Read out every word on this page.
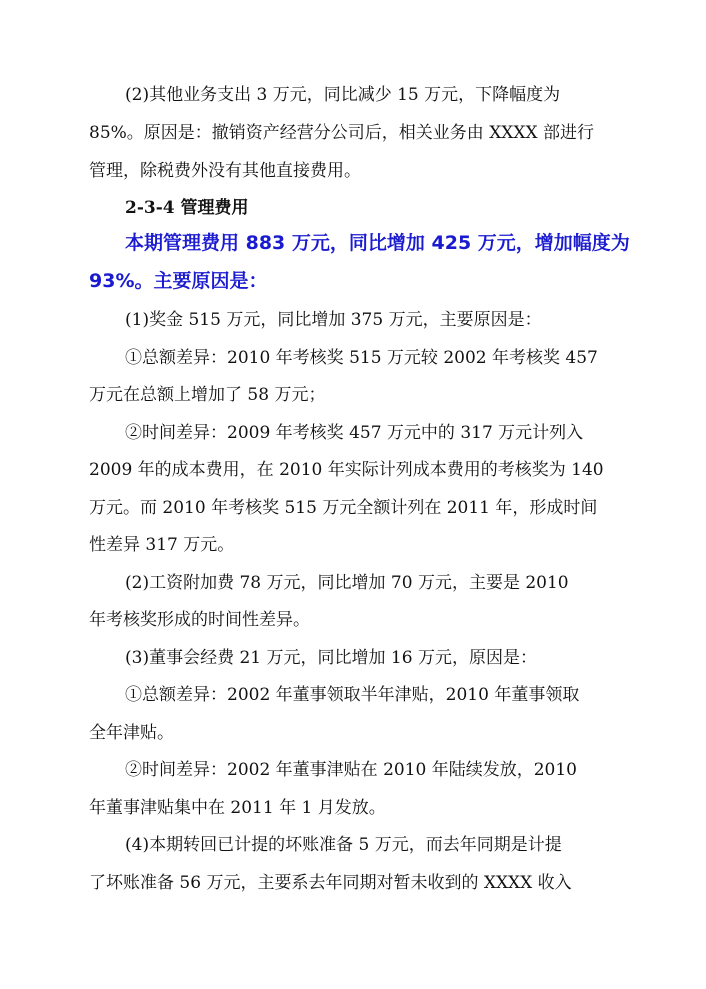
(2)其他业务支出 3 万元，同比减少 15 万元，下降幅度为

85%。原因是：撤销资产经营分公司后，相关业务由 XXXX 部进行

管理，除税费外没有其他直接费用。

2-3-4 管理费用

本期管理费用 883 万元，同比增加 425 万元，增加幅度为

93%。主要原因是：

(1)奖金 515 万元，同比增加 375 万元，主要原因是：

①总额差异：2010 年考核奖 515 万元较 2002 年考核奖 457

万元在总额上增加了 58 万元；

②时间差异：2009 年考核奖 457 万元中的 317 万元计列入

2009 年的成本费用，在 2010 年实际计列成本费用的考核奖为 140

万元。而 2010 年考核奖 515 万元全额计列在 2011 年，形成时间

性差异 317 万元。

(2)工资附加费 78 万元，同比增加 70 万元，主要是 2010

年考核奖形成的时间性差异。

(3)董事会经费 21 万元，同比增加 16 万元，原因是：

①总额差异：2002 年董事领取半年津贴，2010 年董事领取

全年津贴。

②时间差异：2002 年董事津贴在 2010 年陆续发放，2010

年董事津贴集中在 2011 年 1 月发放。

(4)本期转回已计提的坏账准备 5 万元，而去年同期是计提

了坏账准备 56 万元，主要系去年同期对暂未收到的 XXXX 收入
